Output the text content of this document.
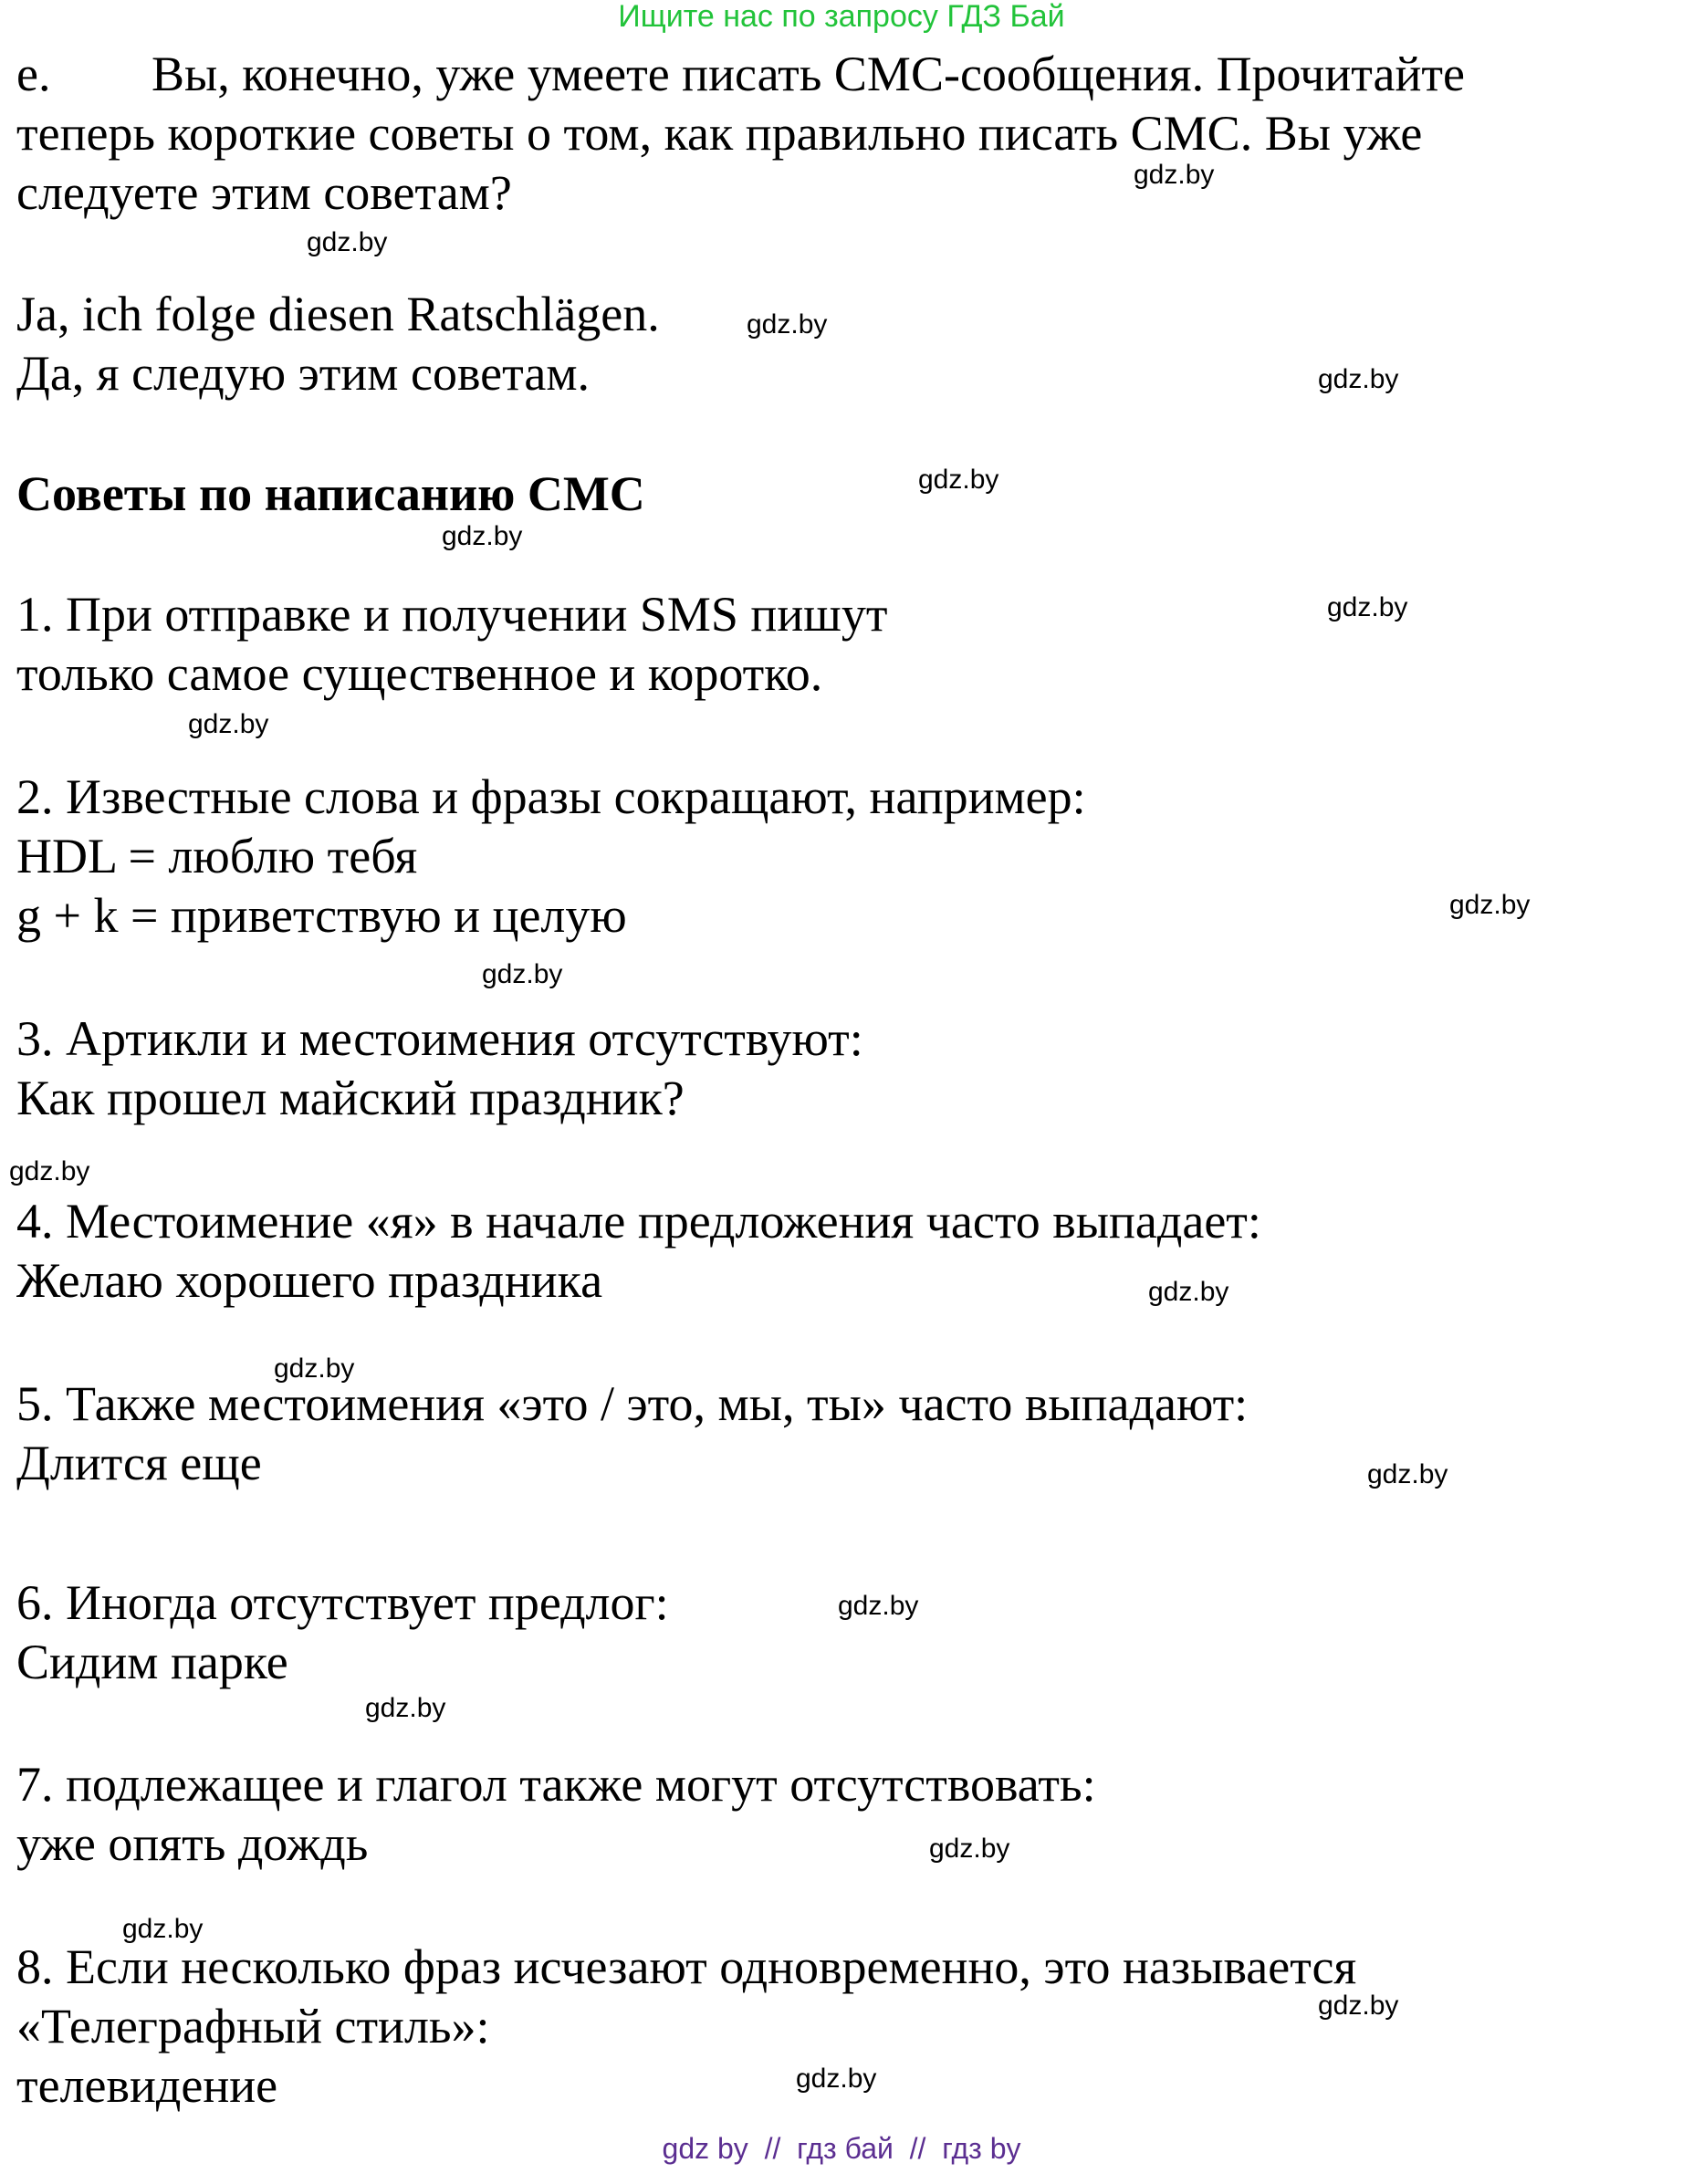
Ищите нас по запросу ГДЗ Бай
e. Вы, конечно, уже умеете писать СМС-сообщения. Прочитайте
теперь короткие советы о том, как правильно писать СМС. Вы уже
следуете этим советам?
Ja, ich folge diesen Ratschlägen.
Да, я следую этим советам.
Советы по написанию СМС
1. При отправке и получении SMS пишут
только самое существенное и коротко.
2. Известные слова и фразы сокращают, например:
HDL = люблю тебя
g + k = приветствую и целую
3. Артикли и местоимения отсутствуют:
Как прошел майский праздник?
4. Местоимение «я» в начале предложения часто выпадает:
Желаю хорошего праздника
5. Также местоимения «это / это, мы, ты» часто выпадают:
Длится еще
6. Иногда отсутствует предлог:
Сидим парке
7. подлежащее и глагол также могут отсутствовать:
уже опять дождь
8. Если несколько фраз исчезают одновременно, это называется
«Телеграфный стиль»:
телевидение
gdz.by
gdz.by
gdz.by
gdz.by
gdz.by
gdz.by
gdz.by
gdz.by
gdz.by
gdz.by
gdz.by
gdz.by
gdz.by
gdz.by
gdz.by
gdz.by
gdz.by
gdz.by
gdz.by
gdz.by
gdz by  //  гдз бай  //  гдз by
